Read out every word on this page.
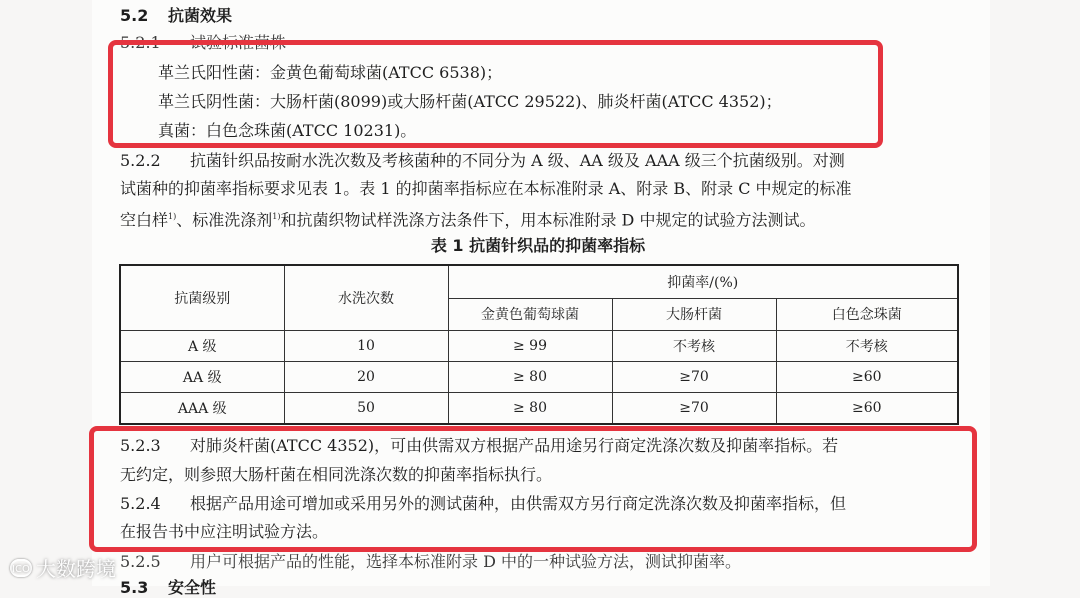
5.2 抗菌效果
5.2.1 试验标准菌株
革兰氏阳性菌：金黄色葡萄球菌(ATCC 6538)；
革兰氏阴性菌：大肠杆菌(8099)或大肠杆菌(ATCC 29522)、肺炎杆菌(ATCC 4352)；
真菌：白色念珠菌(ATCC 10231)。
5.2.2 抗菌针织品按耐水洗次数及考核菌种的不同分为 A 级、AA 级及 AAA 级三个抗菌级别。对测
试菌种的抑菌率指标要求见表 1。表 1 的抑菌率指标应在本标准附录 A、附录 B、附录 C 中规定的标准
空白样$^{1)}$、标准洗涤剂$^{1)}$和抗菌织物试样洗涤方法条件下，用本标准附录 D 中规定的试验方法测试。
表 1 抗菌针织品的抑菌率指标
抗菌级别	水洗次数	抑菌率/(%)		
		金黄色葡萄球菌	大肠杆菌	白色念珠菌
A 级	10	≥ 99	不考核	不考核
AA 级	20	≥ 80	≥70	≥60
AAA 级	50	≥ 80	≥70	≥60
5.2.3 对肺炎杆菌(ATCC 4352)，可由供需双方根据产品用途另行商定洗涤次数及抑菌率指标。若
无约定，则参照大肠杆菌在相同洗涤次数的抑菌率指标执行。
5.2.4 根据产品用途可增加或采用另外的测试菌种，由供需双方另行商定洗涤次数及抑菌率指标，但
在报告书中应注明试验方法。
5.2.5 用户可根据产品的性能，选择本标准附录 D 中的一种试验方法，测试抑菌率。
5.3 安全性
ICO 大数跨境
